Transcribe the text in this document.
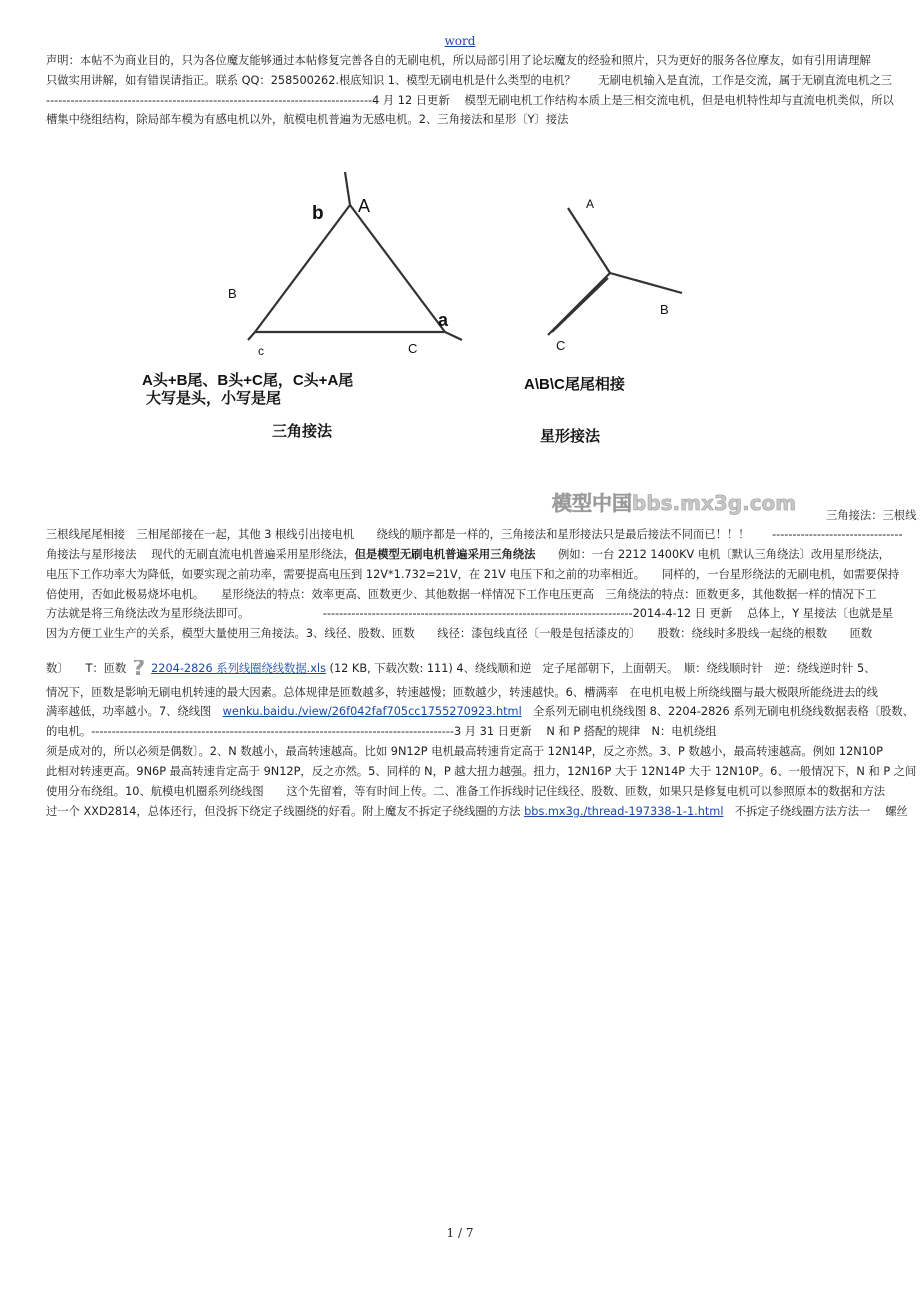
word
声明：本帖不为商业目的，只为各位魔友能够通过本帖修复完善各自的无刷电机，所以局部引用了论坛魔友的经验和照片，只为更好的服务各位摩友，如有引用请理解
只做实用讲解，如有错误请指正。联系 QQ：258500262.根底知识 1、模型无刷电机是什么类型的电机？　　无刷电机输入是直流，工作是交流，属于无刷直流电机之三
--------------------------------------------------------------------------------4 月 12 日更新　 模型无刷电机工作结构本质上是三相交流电机，但是电机特性却与直流电机类似，所以
槽集中绕组结构，除局部车模为有感电机以外，航模电机普遍为无感电机。2、三角接法和星形〔Y〕接法
b A
B
a
c	C
A头+B尾、B头+C尾，C头+A尾
大写是头，小写是尾
三角接法
A
B
C
A\B\C尾尾相接
星形接法
模型中国bbs.mx3g.com
三角接法：三根线
三根线尾尾相接　三相尾部接在一起，其他 3 根线引出接电机　　绕线的顺序都是一样的，三角接法和星形接法只是最后接法不同而已！！！　　--------------------------------
角接法与星形接法　 现代的无刷直流电机普遍采用星形绕法，但是模型无刷电机普遍采用三角绕法　　例如：一台 2212 1400KV 电机〔默认三角绕法〕改用星形绕法，
电压下工作功率大为降低，如要实现之前功率，需要提高电压到 12V*1.732=21V，在 21V 电压下和之前的功率相近。　　同样的，一台星形绕法的无刷电机，如需要保持
倍使用，否如此极易烧坏电机。　　星形绕法的特点：效率更高、匝数更少、其他数据一样情况下工作电压更高　三角绕法的特点：匝数更多，其他数据一样的情况下工
方法就是将三角绕法改为星形绕法即可。　　　　　　　----------------------------------------------------------------------------2014-4-12 日 更新　 总体上，Y 星接法〔也就是星
因为方便工业生产的关系，模型大量使用三角接法。3、线径、股数、匝数　　线径：漆包线直径〔一般是包括漆皮的〕　　股数：绕线时多股线一起绕的根数　　匝数
数〕　　T：匝数 ? 2204-2826 系列线圈绕线数据.xls (12 KB, 下载次数: 111) 4、绕线顺和逆　定子尾部朝下，上面朝天。　顺：绕线顺时针　逆：绕线逆时针 5、
情况下，匝数是影响无刷电机转速的最大因素。总体规律是匝数越多，转速越慢；匝数越少，转速越快。6、槽满率　在电机电极上所绕线圈与最大极限所能绕进去的线
满率越低，功率越小。7、绕线图　wenku.baidu./view/26f042faf705cc1755270923.html　全系列无刷电机绕线图 8、2204-2826 系列无刷电机绕线数据表格〔股数、
的电机。-----------------------------------------------------------------------------------------3 月 31 日更新　 N 和 P 搭配的规律　N：电机绕组
须是成对的，所以必须是偶数〕。2、N 数越小，最高转速越高。比如 9N12P 电机最高转速肯定高于 12N14P，反之亦然。3、P 数越小，最高转速越高。例如 12N10P
此相对转速更高。9N6P 最高转速肯定高于 9N12P，反之亦然。5、同样的 N，P 越大扭力越强。扭力，12N16P 大于 12N14P 大于 12N10P。6、一般情况下，N 和 P 之间
使用分布绕组。10、航模电机圈系列绕线图　　这个先留着，等有时间上传。二、准备工作拆线时记住线径、股数、匝数，如果只是修复电机可以参照原本的数据和方法
过一个 XXD2814，总体还行，但没拆下绕定子线圈绕的好看。附上魔友不拆定子绕线圈的方法 bbs.mx3g./thread-197338-1-1.html　不拆定子绕线圈方法方法一　 螺丝
1 / 7
